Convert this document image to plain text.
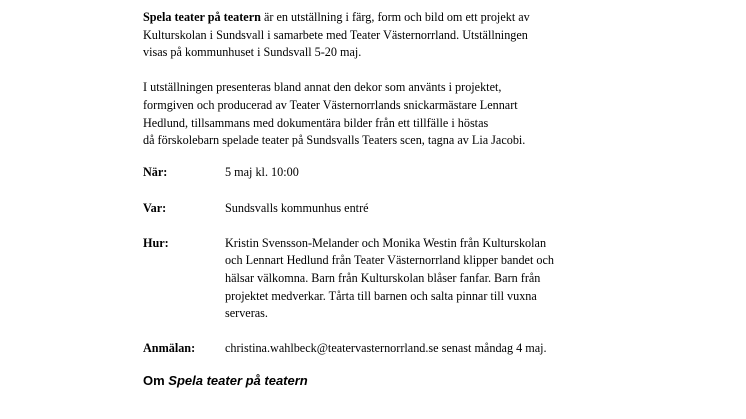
Spela teater på teatern är en utställning i färg, form och bild om ett projekt av
Kulturskolan i Sundsvall i samarbete med Teater Västernorrland. Utställningen
visas på kommunhuset i Sundsvall 5-20 maj.

I utställningen presenteras bland annat den dekor som använts i projektet,
formgiven och producerad av Teater Västernorrlands snickarmästare Lennart
Hedlund, tillsammans med dokumentära bilder från ett tillfälle i höstas
då förskolebarn spelade teater på Sundsvalls Teaters scen, tagna av Lia Jacobi.

När:	5 maj kl. 10:00
Var:	Sundsvalls kommunhus entré
Hur:	Kristin Svensson-Melander och Monika Westin från Kulturskolan
och Lennart Hedlund från Teater Västernorrland klipper bandet och
hälsar välkomna. Barn från Kulturskolan blåser fanfar. Barn från
projektet medverkar. Tårta till barnen och salta pinnar till vuxna
serveras.
Anmälan: christina.wahlbeck@teatervasternorrland.se senast måndag 4 maj.
Om Spela teater på teatern
